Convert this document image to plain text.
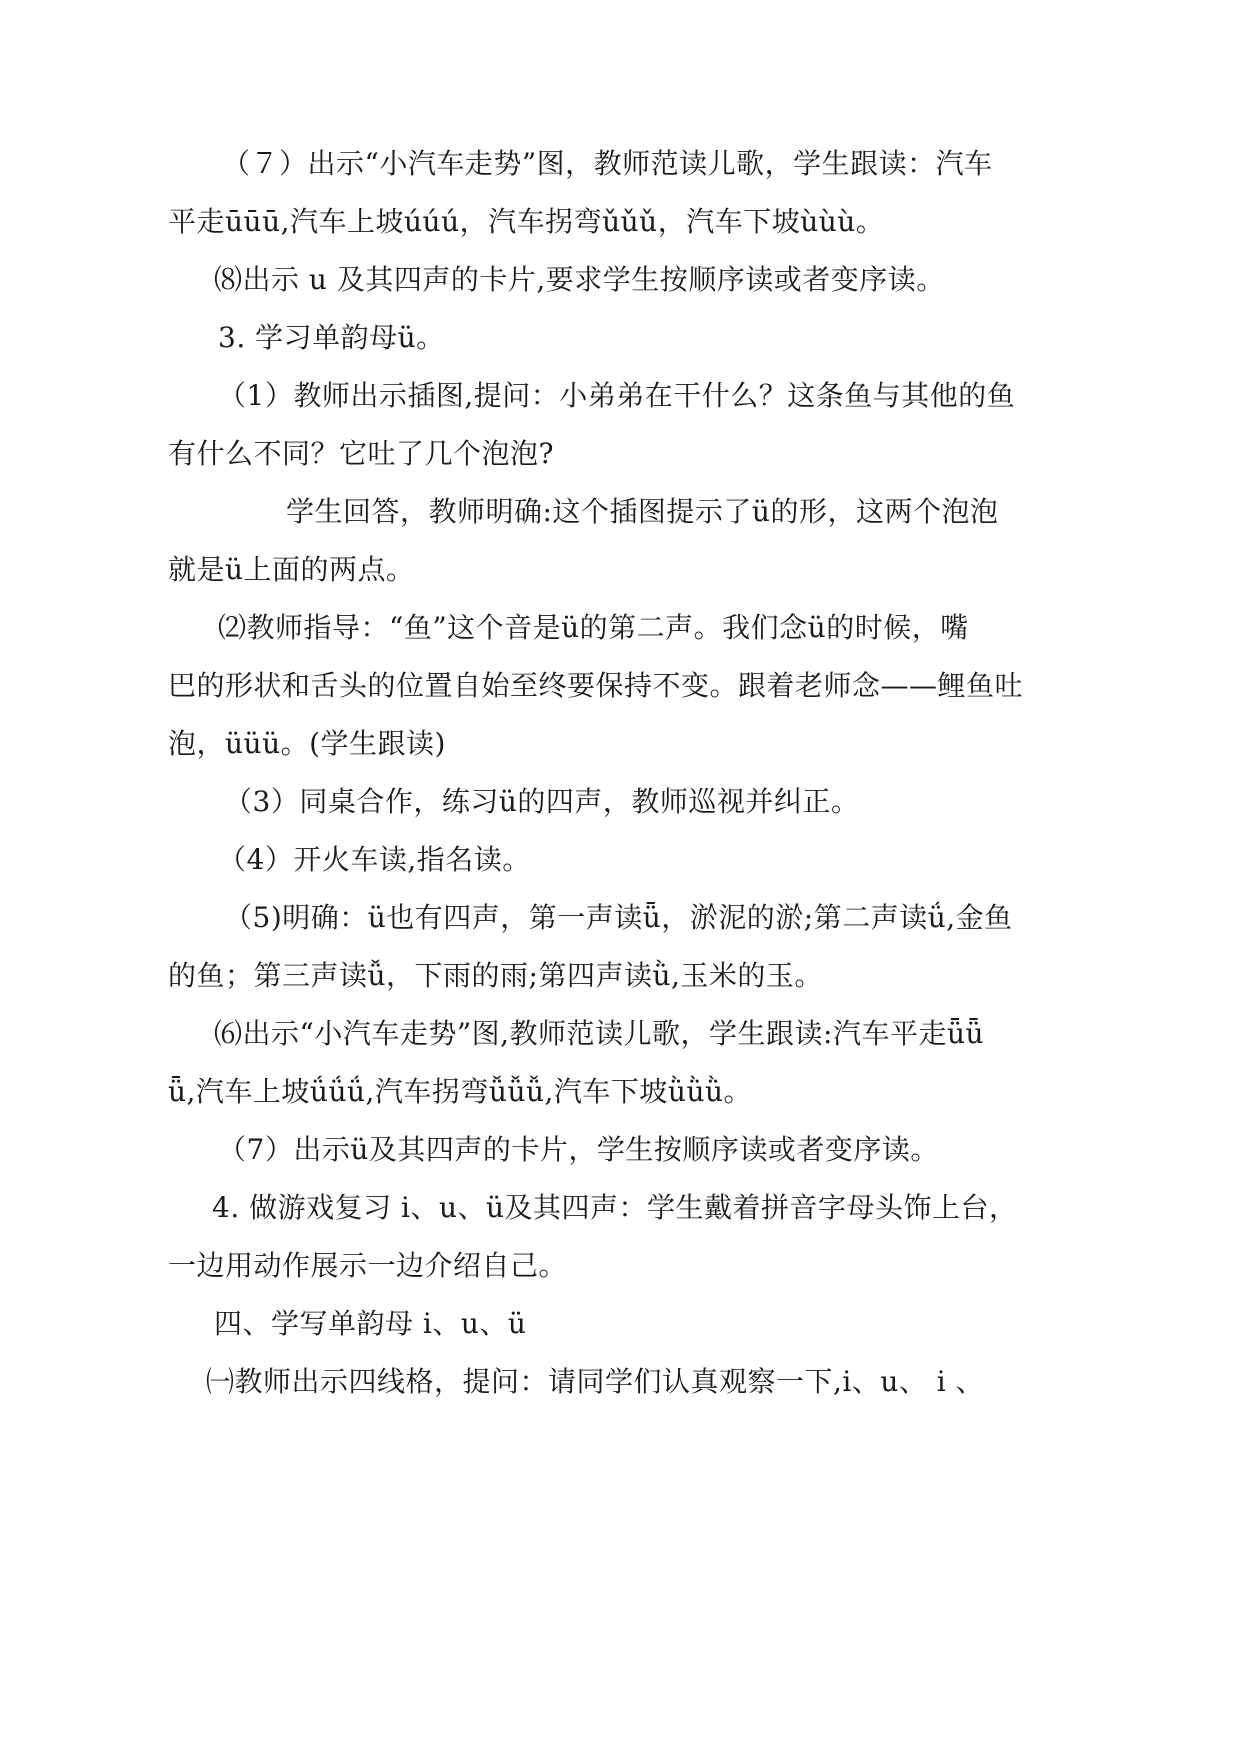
（７）出示“小汽车走势”图，教师范读儿歌，学生跟读：汽车
平走ūūū,汽车上坡úúú，汽车拐弯ǔǔǔ，汽车下坡ùùù。
⑻出示 u 及其四声的卡片,要求学生按顺序读或者变序读。
3. 学习单韵母ü。
（1）教师出示插图,提问：小弟弟在干什么？这条鱼与其他的鱼
有什么不同？它吐了几个泡泡?
学生回答，教师明确:这个插图提示了ü的形，这两个泡泡
就是ü上面的两点。
⑵教师指导：“鱼”这个音是ü的第二声。我们念ü的时候，嘴
巴的形状和舌头的位置自始至终要保持不变。跟着老师念——鲤鱼吐
泡，üüü。(学生跟读)
（3）同桌合作，练习ü的四声，教师巡视并纠正。
（4）开火车读,指名读。
（5)明确：ü也有四声，第一声读ǖ，淤泥的淤;第二声读ǘ,金鱼
的鱼；第三声读ǚ，下雨的雨;第四声读ǜ,玉米的玉。
⑹出示“小汽车走势”图,教师范读儿歌，学生跟读:汽车平走ǖǖ
ǖ,汽车上坡ǘǘǘ,汽车拐弯ǚǚǚ,汽车下坡ǜǜǜ。
（7）出示ü及其四声的卡片，学生按顺序读或者变序读。
4. 做游戏复习 i、u、ü及其四声：学生戴着拼音字母头饰上台，
一边用动作展示一边介绍自己。
四、学写单韵母 i、u、ü
㈠教师出示四线格，提问：请同学们认真观察一下,i、u、 i 、
